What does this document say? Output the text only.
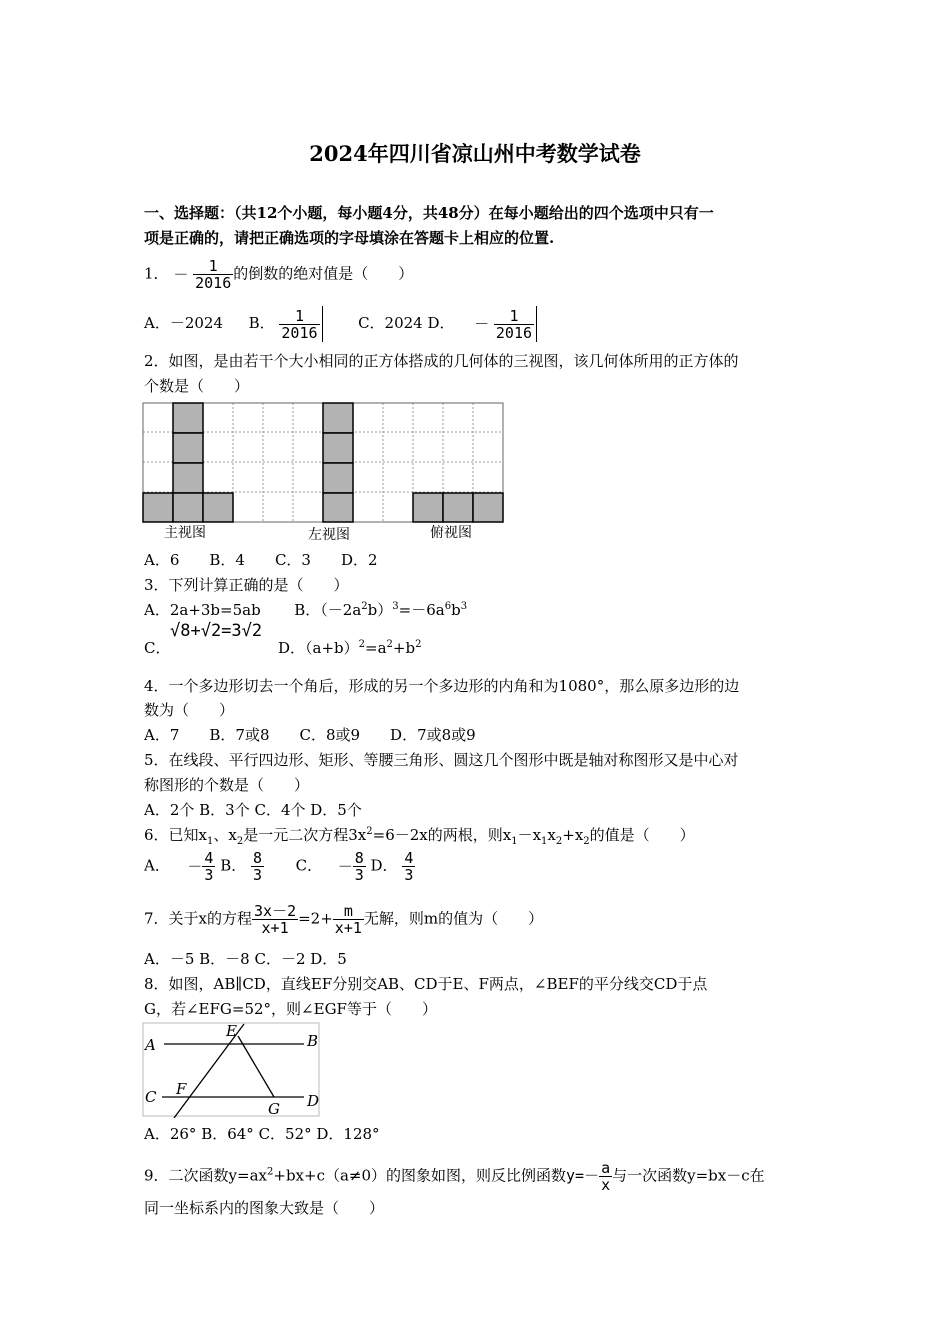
2024年四川省凉山州中考数学试卷
一、选择题：（共12个小题，每小题4分，共48分）在每小题给出的四个选项中只有一
项是正确的，请把正确选项的字母填涂在答题卡上相应的位置.
1． － $\frac{1}{2016}$ 的倒数的绝对值是（　　）
A．－2024 B． $\frac{1}{2016}$	C．2024 D． － $\frac{1}{2016}$
2．如图，是由若干个大小相同的正方体搭成的几何体的三视图，该几何体所用的正方体的
个数是（　　）
主视图	左视图	俯视图
A．6　　B．4　　C．3　　D．2
3．下列计算正确的是（　　）
A．2a+3b=5ab B．$(-2a^2b)^3=-6a^6b^3$
C．
√8+√2=3√2
D．$(a+b)^2=a^2+b^2$
4．一个多边形切去一个角后，形成的另一个多边形的内角和为1080°，那么原多边形的边
数为（　　）
A．7　　B．7或8　　C．8或9　　D．7或8或9
5．在线段、平行四边形、矩形、等腰三角形、圆这几个图形中既是轴对称图形又是中心对
称图形的个数是（　　）
A．2个 B．3个 C．4个 D．5个
6．已知$x_1$、$x_2$是一元二次方程$3x^2=6-2x$的两根，则$x_1-x_1x_2+x_2$的值是（　　）
A． － $\frac{4}{3}$ B． $\frac{8}{3}$ C． － $\frac{8}{3}$ D． $\frac{4}{3}$
7．关于x的方程 $\frac{3x-2}{x+1} =2+ \frac{m}{x+1}$ 无解，则m的值为（　　）
A．－5 B．－8 C．－2 D．5
8．如图，AB∥CD，直线EF分别交AB、CD于E、F两点，∠BEF的平分线交CD于点
G，若∠EFG=52°，则∠EGF等于（　　）
A	B
C	D
E
F
G
A．26° B．64° C．52° D．128°
9．二次函数$y=ax^2+bx+c(a\ne 0)$的图象如图，则反比例函数$y=- \frac{a}{x}$ 与一次函数y=bx－c在
同一坐标系内的图象大致是（　　）
